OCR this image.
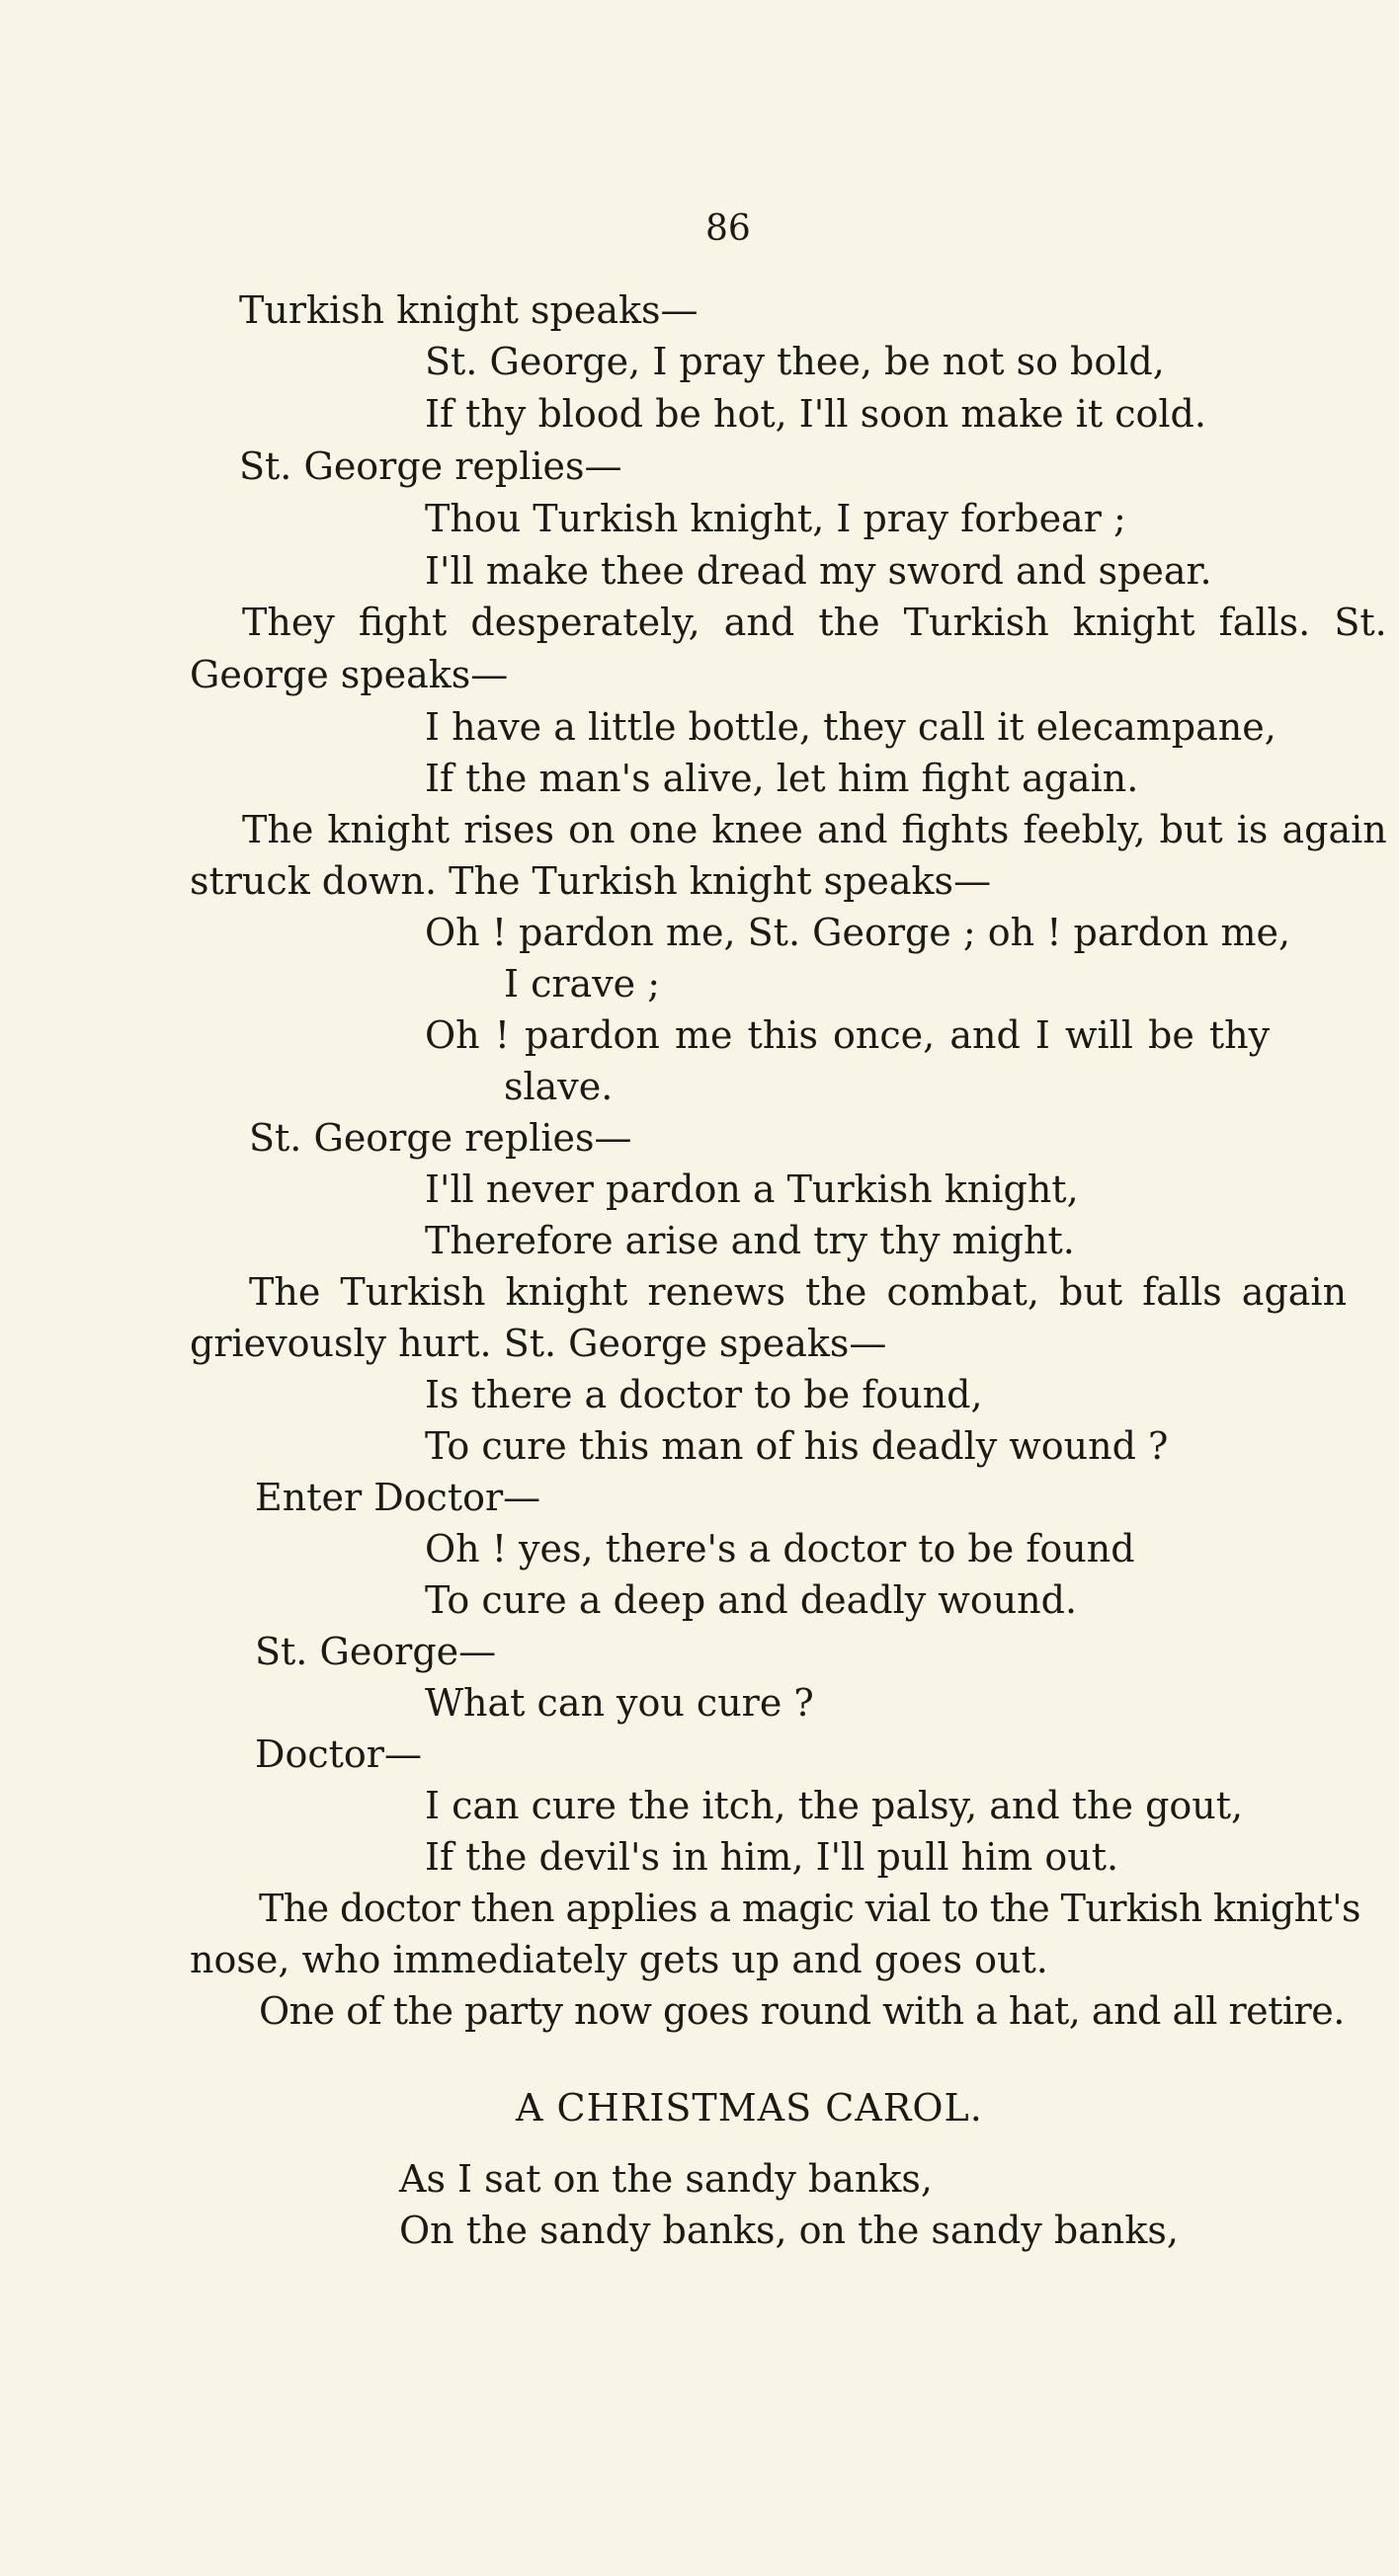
86
Turkish knight speaks—
St. George, I pray thee, be not so bold,
If thy blood be hot, I'll soon make it cold.
St. George replies—
Thou Turkish knight, I pray forbear ;
I'll make thee dread my sword and spear.
They fight desperately, and the Turkish knight falls. St.
George speaks—
I have a little bottle, they call it elecampane,
If the man's alive, let him fight again.
The knight rises on one knee and fights feebly, but is again
struck down. The Turkish knight speaks—
Oh ! pardon me, St. George ; oh ! pardon me,
I crave ;
Oh ! pardon me this once, and I will be thy
slave.
St. George replies—
I'll never pardon a Turkish knight,
Therefore arise and try thy might.
The Turkish knight renews the combat, but falls again
grievously hurt. St. George speaks—
Is there a doctor to be found,
To cure this man of his deadly wound ?
Enter Doctor—
Oh ! yes, there's a doctor to be found
To cure a deep and deadly wound.
St. George—
What can you cure ?
Doctor—
I can cure the itch, the palsy, and the gout,
If the devil's in him, I'll pull him out.
The doctor then applies a magic vial to the Turkish knight's
nose, who immediately gets up and goes out.
One of the party now goes round with a hat, and all retire.
A CHRISTMAS CAROL.
As I sat on the sandy banks,
On the sandy banks, on the sandy banks,
